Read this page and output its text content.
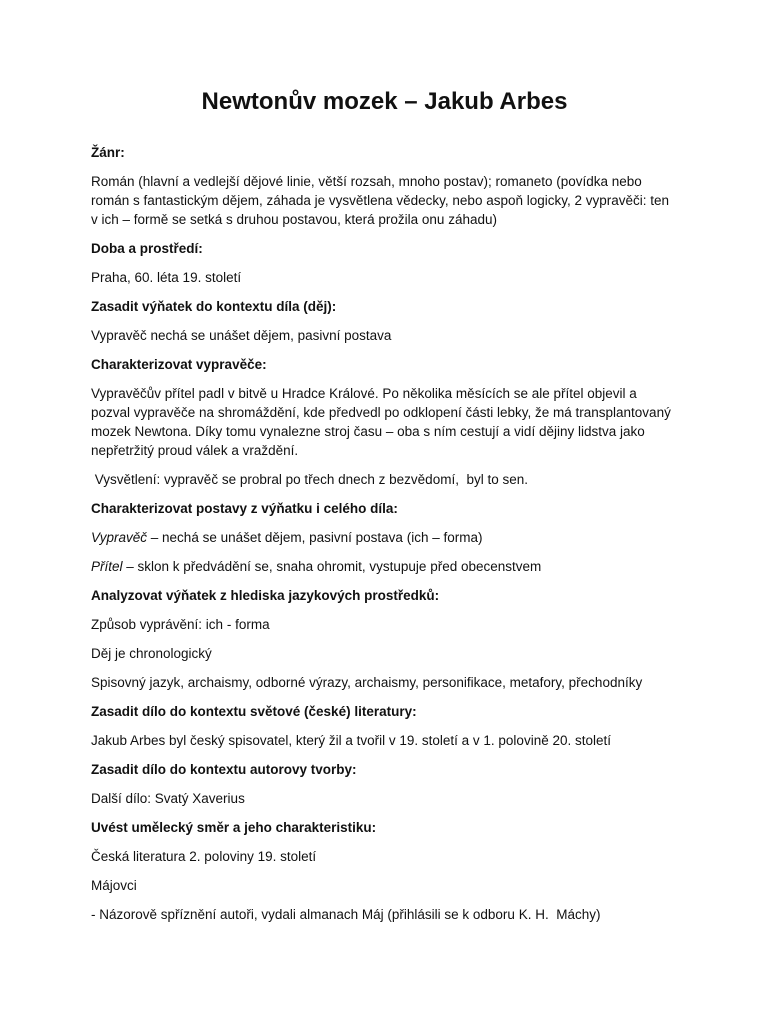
Newtonův mozek – Jakub Arbes

Žánr:

Román (hlavní a vedlejší dějové linie, větší rozsah, mnoho postav); romaneto (povídka nebo román s fantastickým dějem, záhada je vysvětlena vědecky, nebo aspoň logicky, 2 vypravěči: ten v ich – formě se setká s druhou postavou, která prožila onu záhadu)

Doba a prostředí:

Praha, 60. léta 19. století

Zasadit výňatek do kontextu díla (děj):

Vypravěč nechá se unášet dějem, pasivní postava

Charakterizovat vypravěče:

Vypravěčův přítel padl v bitvě u Hradce Králové. Po několika měsících se ale přítel objevil a pozval vypravěče na shromáždění, kde předvedl po odklopení části lebky, že má transplantovaný mozek Newtona. Díky tomu vynalezne stroj času – oba s ním cestují a vidí dějiny lidstva jako nepřetržitý proud válek a vraždění.

Vysvětlení: vypravěč se probral po třech dnech z bezvědomí,  byl to sen.

Charakterizovat postavy z výňatku i celého díla:

Vypravěč – nechá se unášet dějem, pasivní postava (ich – forma)

Přítel – sklon k předvádění se, snaha ohromit, vystupuje před obecenstvem

Analyzovat výňatek z hlediska jazykových prostředků:

Způsob vyprávění: ich - forma

Děj je chronologický

Spisovný jazyk, archaismy, odborné výrazy, archaismy, personifikace, metafory, přechodníky

Zasadit dílo do kontextu světové (české) literatury:

Jakub Arbes byl český spisovatel, který žil a tvořil v 19. století a v 1. polovině 20. století

Zasadit dílo do kontextu autorovy tvorby:

Další dílo: Svatý Xaverius

Uvést umělecký směr a jeho charakteristiku:

Česká literatura 2. poloviny 19. století

Májovci

- Názorově spříznění autoři, vydali almanach Máj (přihlásili se k odboru K. H.  Máchy)
